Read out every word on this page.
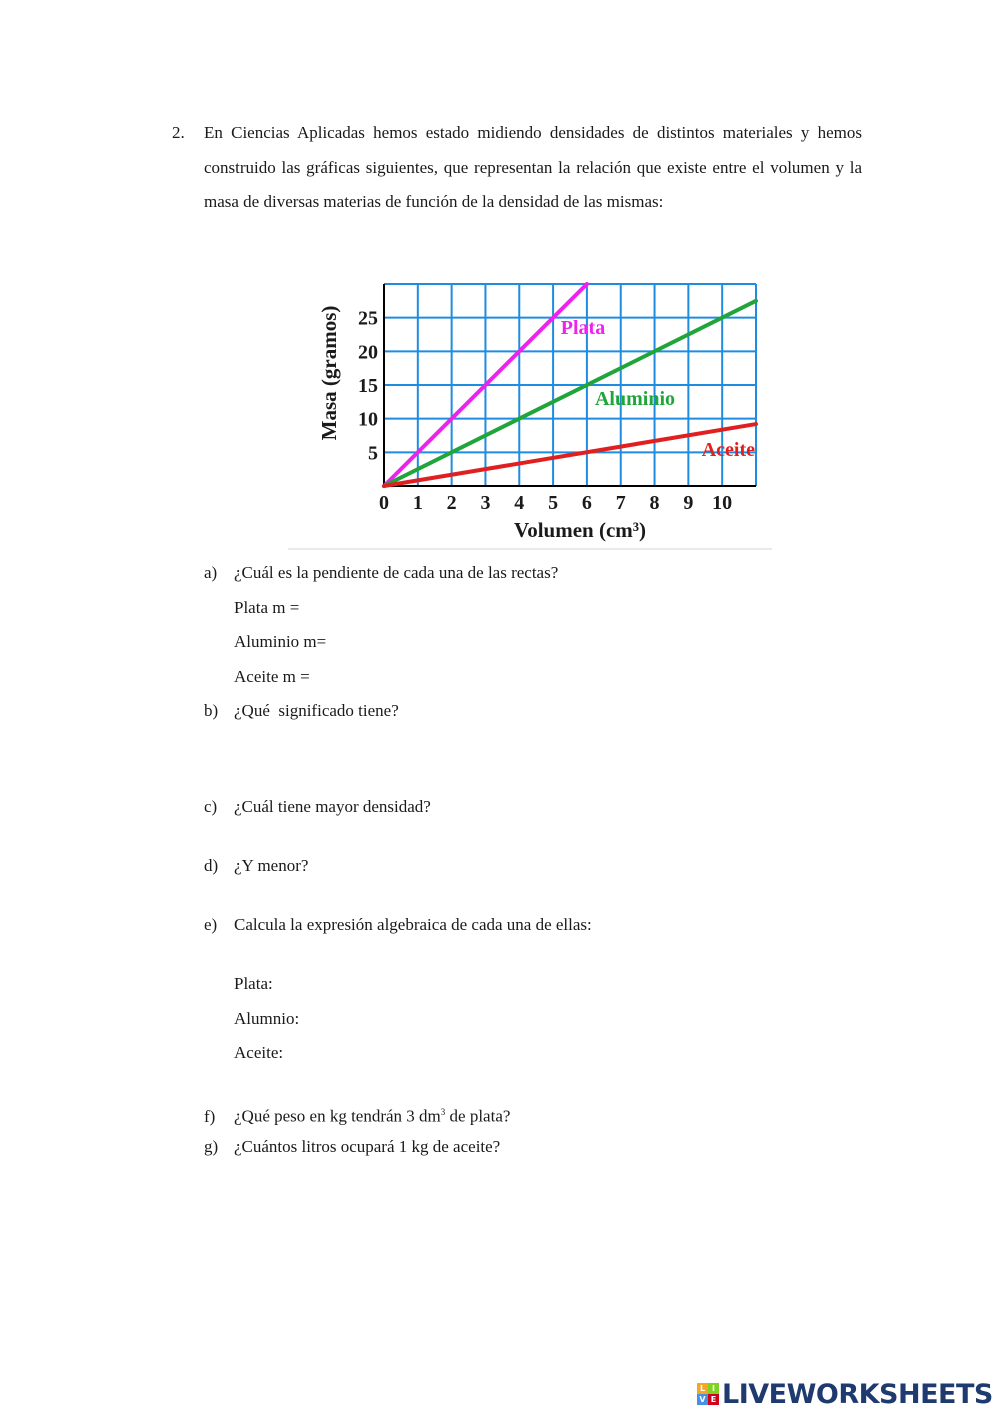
2. En Ciencias Aplicadas hemos estado midiendo densidades de distintos materiales y hemos construido las gráficas siguientes, que representan la relación que existe entre el volumen y la masa de diversas materias de función de la densidad de las mismas:
0 1 2 3 4 5 6 7 8 9 10
5
10
15
20
25
Volumen (cm³)
Masa (gramos)	Plata
Aluminio
Aceite
a) ¿Cuál es la pendiente de cada una de las rectas?
Plata m =
Aluminio m=
Aceite m =
b) ¿Qué  significado tiene?
c) ¿Cuál tiene mayor densidad?
d) ¿Y menor?
e) Calcula la expresión algebraica de cada una de ellas:
Plata:
Alumnio:
Aceite:
f) ¿Qué peso en kg tendrán 3 $dm^3$ de plata?
g) ¿Cuántos litros ocupará 1 kg de aceite?
L I
V E LIVEWORKSHEETS
